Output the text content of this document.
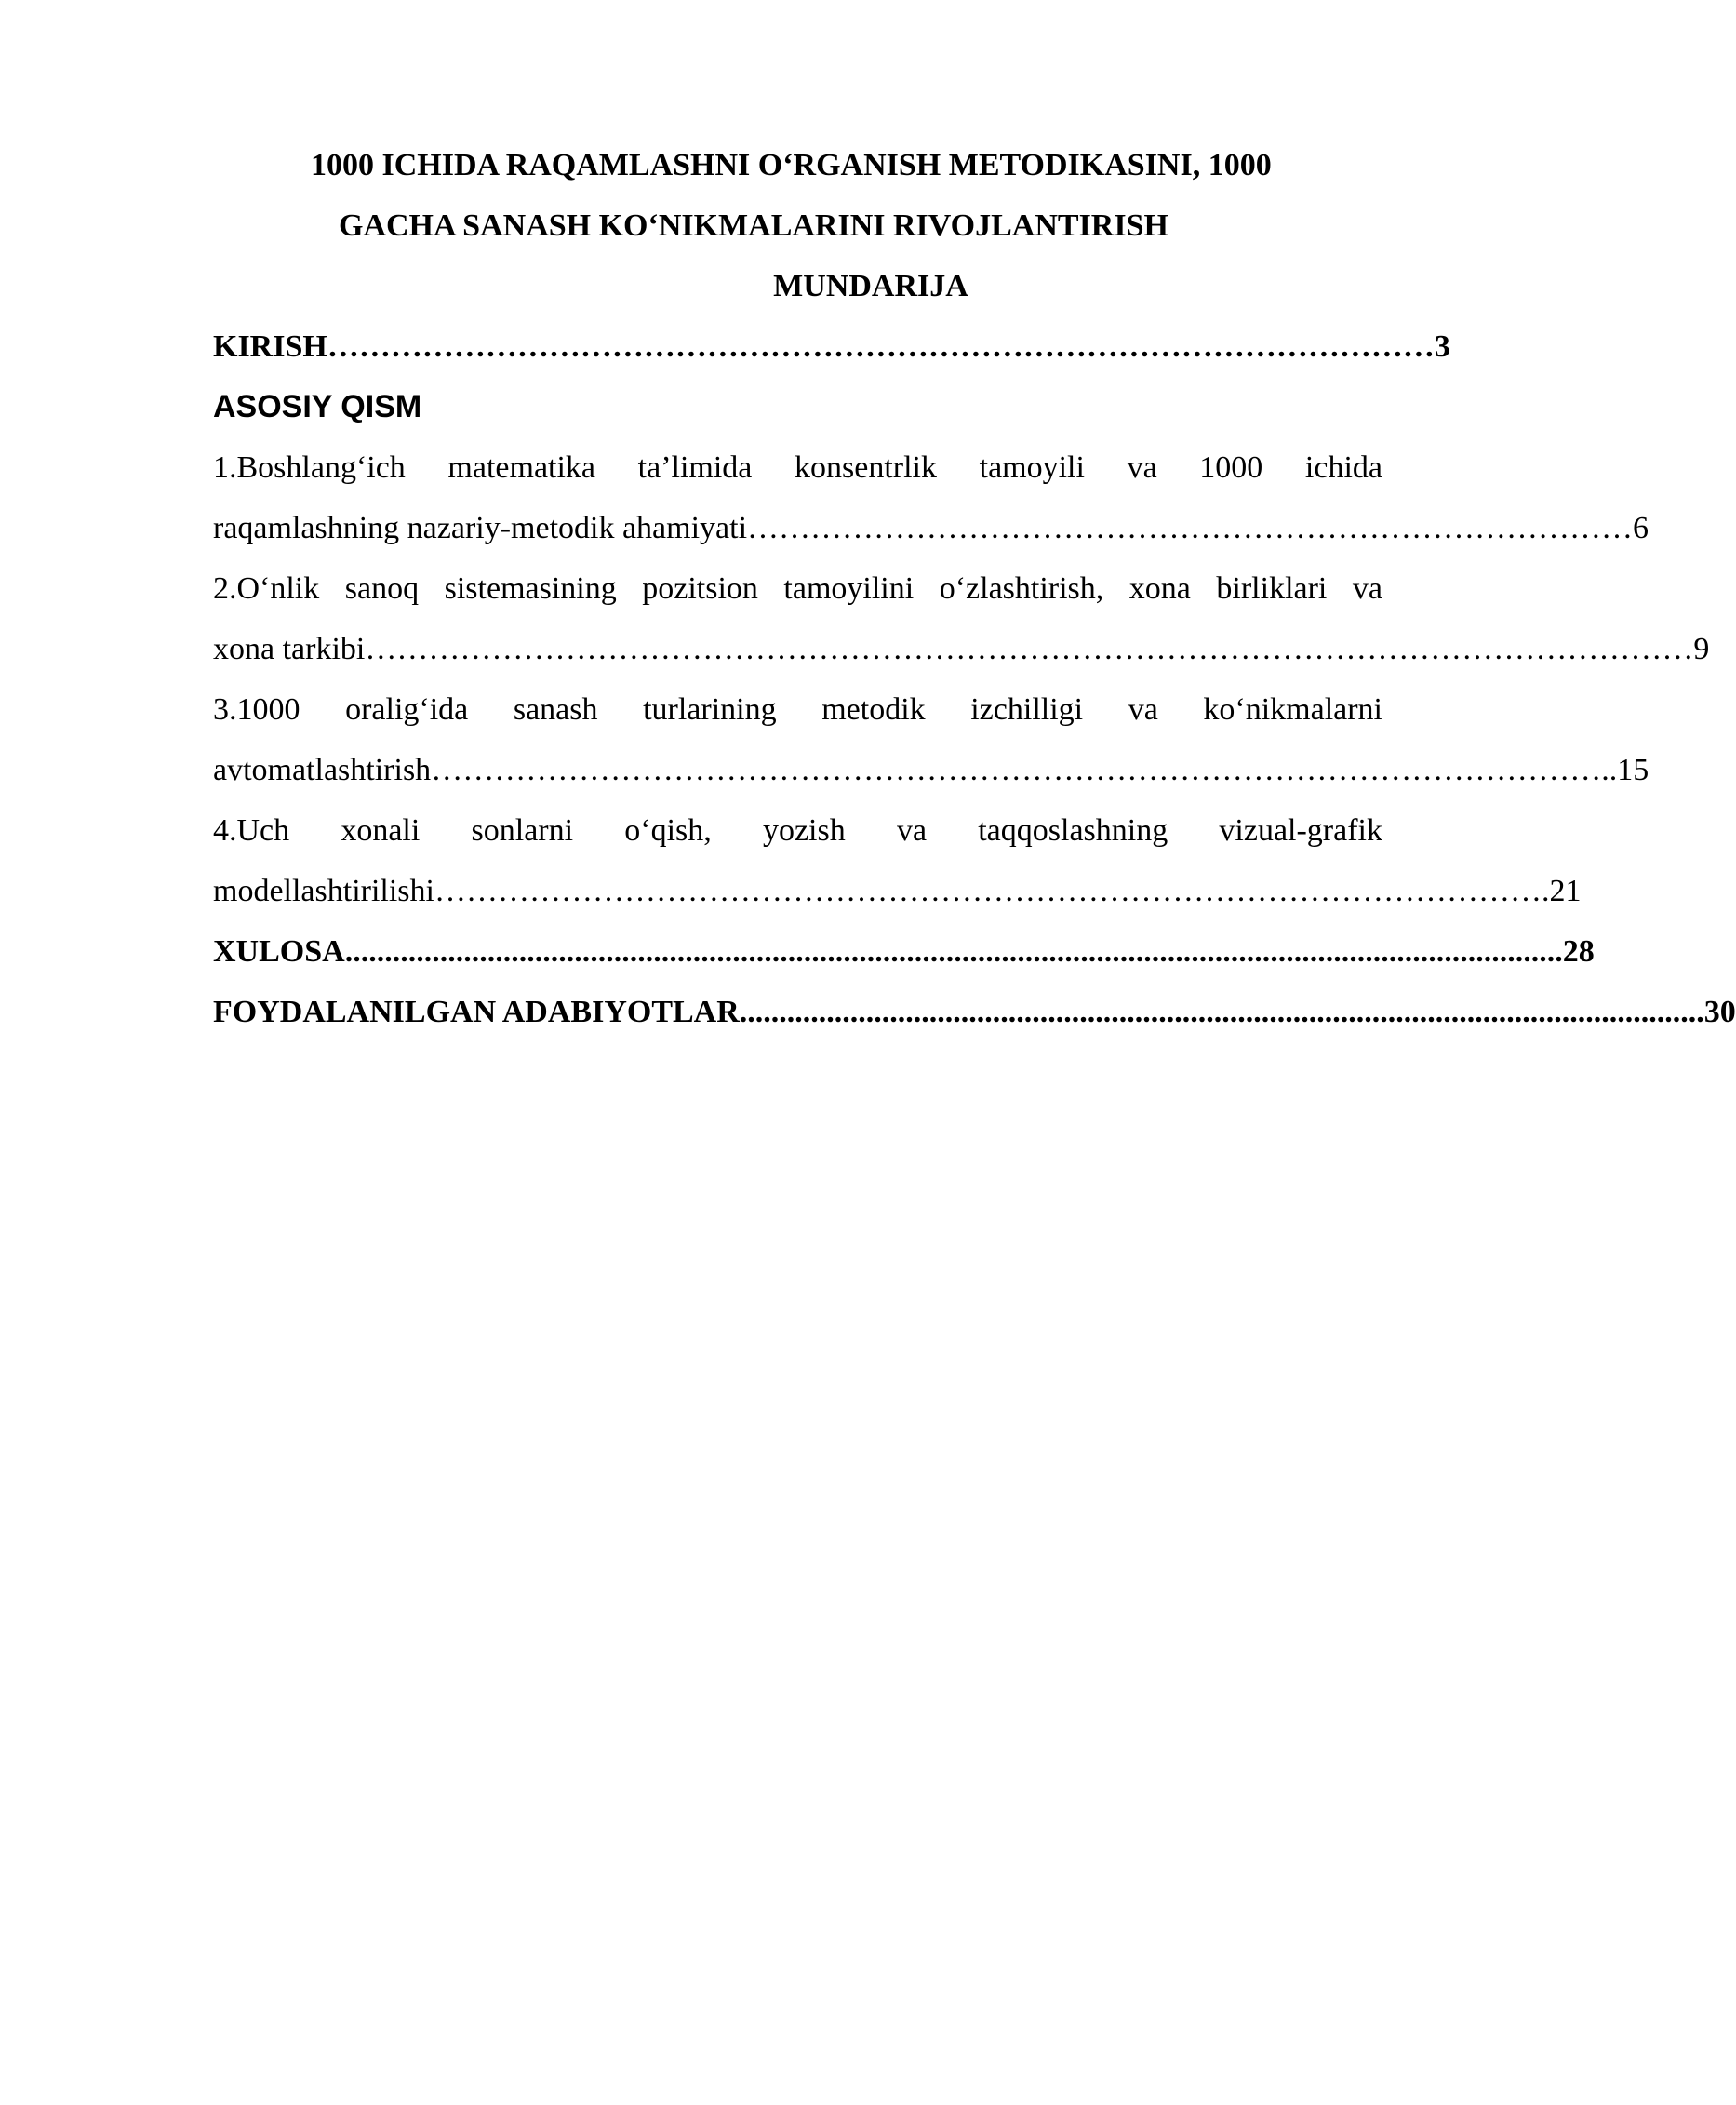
1000 ICHIDA RAQAMLASHNI O‘RGANISH METODIKASINI, 1000
GACHA SANASH KO‘NIKMALARINI RIVOJLANTIRISH
MUNDARIJA
KIRISH …………………………………………………………………………………………… 3
ASOSIY QISM
1.Boshlang‘ich matematika ta’limida konsentrlik tamoyili va 1000 ichida
raqamlashning nazariy-metodik ahamiyati ………………………………………………………………………… 6
2.O‘nlik sanoq sistemasining pozitsion tamoyilini o‘zlashtirish, xona birliklari va
xona tarkibi ……………………………………………………………………………………………………………… 9
3.1000 oralig‘ida sanash turlarining metodik izchilligi va ko‘nikmalarni
avtomatlashtirish ………………………………………………………………………………………………….. 15
4.Uch xonali sonlarni o‘qish, yozish va taqqoslashning vizual-grafik
modellashtirilishi ……………………………………………………………………………………………. 21
XULOSA .......................................................................................................................................................... 28
FOYDALANILGAN ADABIYOTLAR .......................................................................................................................... 30
